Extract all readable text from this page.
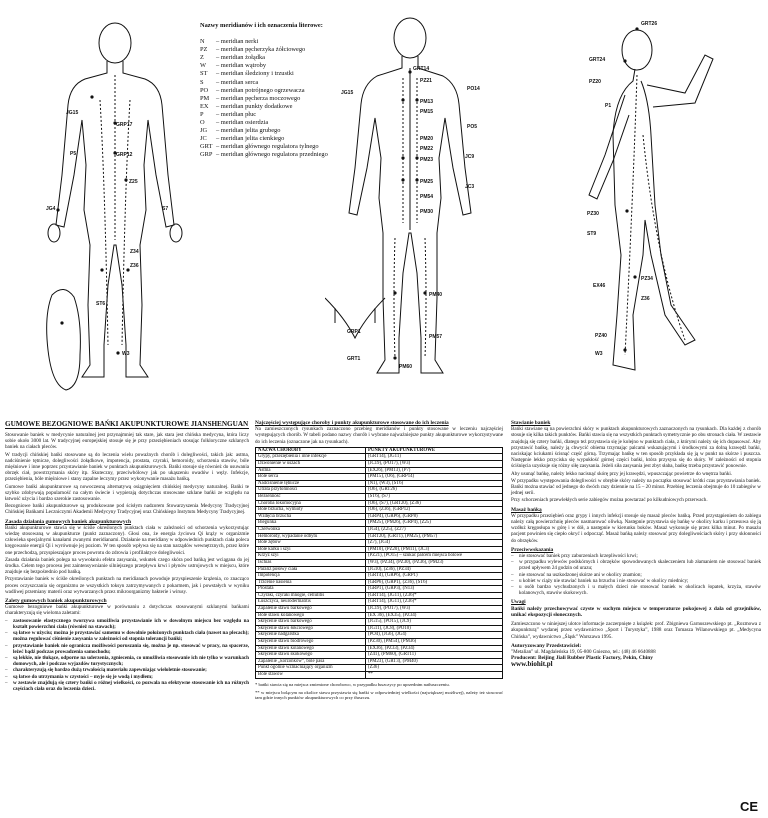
JG15
GRP17
GRP12
Z25
P5
S7
JG4
Z36
ST6
W3
Z34
Nazwy meridianów i ich oznaczenia literowe:
N	– meridian nerki
PZ	– meridian pęcherzyka żółciowego
Z	– meridian żołądka
W	– meridian wątroby
ST	– meridian śledziony i trzustki
S	– meridian serca
PO	– meridian potrójnego ogrzewacza
PM	– meridian pęcherza moczowego
EX	– meridian punkty dodatkowe
P	– meridian płuc
O	– meridian osierdzia
JG	– meridian jelita grubego
JC	– meridian jelita cienkiego
GRT – meridian głównego regulatora tylnego
GRP – meridian głównego regulatora przedniego
GRT14
JG15
PZ21
PM13
PM23
PM25
PM30
PM40
PM57
PM60
PO5
JC3
PM54
JC9
PO14
PM15
PM20
PM22
GRP1
GRT1
GRT26
GRT24
PZ20
P1
PZ30
ST9
EX46
PZ34
Z36
W3
PZ40
GUMOWE BEZOGNIOWE BAŃKI AKUPUNKTUROWE JIANSHENGUAN

Stosowanie baniek w medycynie naturalnej jest przynajmniej tak stare, jak stara jest chińska medycyna, która liczy sobie około 3000 lat. W tradycyjnej europejskiej stosuje się je przy przeziębieniach stosując folkloryczne szklanych baniek na ciałach pleców.

W tradycji chińskiej bańki stosowane są do leczenia wielu poważnych chorób i dolegliwości, takich jak: astma, nadciśnienie tętnicze, dolegliwości żołądkowe, impotencja, prostata, czyraki, hemoroidy, schorzenia stawów, bóle mięśniowe i inne poprzez przystawianie baniek w punktach akupunkturowych. Bańki stosuje się również do usuwania obrzęk ciał, powstrzymania skóry itp. Skuteczny, przeciwbólowy jak po ukąszeniu owadów i węży. Infekcje, przeziębienia, bóle mięśniowe i stany zapalne leczymy przez wykonywanie masażu bańką.

Gumowe bańki akupunkturowe są nowoczesną alternatywą osiągnięciem chińskiej medycyny naturalnej. Bańki te szybko zdobywają popularność na całym świecie i wypierają dotychczas stosowane szklane bańki ze względu na łatwość użycia i bardzo szerokie zastosowanie.

Bezogniowe bańki akupunkturowe są produkowane pod ścisłym nadzorem Stowarzyszenia Medycyny Tradycyjnej Chińskiej Bańkami Leczniczymi Akademii Medycyny Tradycyjnej oraz Chińskiego Instytutu Medycyny Tradycyjnej.

Zasada działania gumowych baniek akupunkturowych

Bańki akupunkturowe stawia się w ściśle określonych punktach ciała w zależności od schorzenia wykorzystując wiedzę stosowaną w akupunkturze (punkt zaznaczony). Głosi ona, że energia życiowa Qi krąży w organizmie człowieka specjalnymi kanałami zwanymi meridianami. Działanie na meridiany w odpowiednich punktach ciała poleca kręgowanie energii Qi i wyrównuje jej poziom. W ten sposób wpływa się na stan narządów wewnętrznych, przez które one przechodzą, przyspieszające proces powrotu do zdrowia i profilaktyce dolegliwości.

Zasada działania baniek polega na wywołaniu efektu zasysania, wskutek czego skóra pod bańką jest wciągana do jej środka. Celem tego procesu jest zaintensywnianie silniejszego przepływu krwi i płynów ustrojowych w miejscu, które znajduje się bezpośrednio pod bańką.

Przystawianie baniek w ściśle określonych punktach na meridianach powoduje przyspieszenie krążenia, co znacząco proces oczyszczania się organizmu ze wszystkich toksyn zatrzymywanych z pokarmem, jak i powstałych w wyniku wadliwej przemiany materii oraz wytwarzanych przez mikroorganizmy bakterie i wirusy.

Zalety gumowych baniek akupunkturowych

Gumowe bezogniowe bańki akupunkturowe w porównaniu z dotychczas stosowanymi szklanymi bańkami charakteryzują się wieloma zaletami:

–	zastosowanie elastycznego tworzywa umożliwia przystawianie ich w dowolnym miejscu bez względu na kształt powierzchni ciała (również na stawach);
–	są łatwe w użyciu; można je przystawiać samemu w dowolnie położonych punktach ciała (nawet na plecach); można regulować ciśnienie zasysania w zależności od stopnia tolerancji bańki;
–	przystawianie baniek nie ogranicza możliwości poruszania się, można je np. stosować w pracy, na spacerze, leżeć bądź podczas prowadzenia samochodu;
–	są lekkie, nie tłukące, odporne na uderzenia, zgniecenia, co umożliwia stosowanie ich nie tylko w warunkach domowych, ale i podczas wyjazdów turystycznych;
–	charakteryzują się bardzo dużą trwałością materiału zapewniając wieloletnie stosowanie;
–	są łatwe do utrzymania w czystości – myje się je wodą i mydłem;
–	w zestawie znajdują się cztery bańki o różnej wielkości, co pozwala na efektywne stosowanie ich na różnych częściach ciała oraz do leczenia dzieci.
Najczęściej występujące choroby i punkty akupunkturowe stosowane do ich leczenia

Na zamieszczonych rysunkach zaznaczono przebieg meridianów i punkty stosowane w leczeniu najczęściej występujących chorób. W tabeli podano nazwy chorób i wybrane najważniejsze punkty akupunkturowe wykorzystywane do ich leczenia (oznaczone jak na rysunkach).

NAZWA CHOROBY	PUNKTY AKUPUNKTUROWE
Grypy, przeziębienia i inne infekcje	(GRT14), (JG11)
Dzwonienie w uszach	(JC19), (PO17), (W3)
Astma	(EX26), (PM13), (P7)
Bóle serca	(PM15), (O6), (GRP14)
Nadciśnienie tętnicze	(N1), (W3), (ST6)
Utrata przytomności	(O6), (GRT26)
Bezsenność	(ST6), (S7)
Choroba lokomocyjna	(O6), (S7), (GRT20), (Z36)
Bóle brzucha, wymioty	(O6), (Z36), (GRP12)
Wzdęcia brzucha	(GRP4), (GRP6), (GRP8)
Biegunka	(PM25), (PM26), (GRP4), (Z25)
Czerwonka	(JG4), (Z25), (Z27)
Hemoroidy, wypadanie odbytu	(GRT20), (GRT1), (PM25), (PM57)
Bóle zębów	(Z7), (JG4)
Bóle karku i szyi	(PM10), (PZ20), (PM11), (JC3)
Krzyż szyi	(PZ21), (PO15) – szukać palcem miejsca bólowe
Ischias	(W3), (PZ34), (PZ30), (PZ36), (PM23)
Paraliż połowy ciała	(JG10), (Z36), (PZ34)
Impotencja	(GRT4), (GRP6), (GRP1)
Trzcenie nasienia	(GRP6), (GRP1), (Z36), (ST6)
Prostata	(GRP1), (GRP3), (N13)
Czyraki, czyraki mnogie, cellulitis	(GRT14), (JG11), (Z36)*
Łuszczyca, neurodermatitis	(GRT14), (JG11), (Z36)*
Zapalenie stawu barkowego	(JC19), (PO17), (W3)
Bóle stawu kolanowego	(EX 36), (EX35), (PZ34)
Skręcenie stawu barkowego	(JG15), (PO15), (JC9)
Skręcenie stawu łokciowego	(JG11), (JC8), (PO10)
Skręcenie nadgarstka	(PO4), (JG6), (JG4)
Skręcenie stawu biodrowego	(PZ30), (PM54), (PM36)
Skręcenie stawu kolanowego	(EX36), (PZ33), (PZ34)
Skręcenie stawu skokowego	(Z41), (PM60), (GRT11)
Zapalenie „korzonków”, bóle pasa	(PM23), (GRT3), (PM40)
Punkt ogólnie wzmacniający organizm	(Z36)
Bóle stawów	**

* bańki stawia się na miejsca zmienione chorobowo, w przypadku łuszczycy po uprzednim natłuszczeniu.

** w miejscu bolącym na okolice stawu przystawia się bańki w odpowiedniej wielkości (największej możliwej), należy też stosować tam gdzie innych punktów akupunkturowych co przy tłuszczu.

Stawianie baniek

Bańki stawiane są na powierzchni skóry w punktach akupunkturowych zaznaczonych na rysunkach. Dla każdej z chorób stosuje się kilka takich punktów. Bańki stawia się na wszystkich punktach symetrycznie po obu stronach ciała. W zestawie znajdują się cztery bańki, dlatego też przystawia się je kolejno w punktach ciała, z którymi należy się ich dopasować. Aby przystawić bańkę, należy ją chwycić obiema trzymając palcami wskazującymi i środkowymi za dolną krawędź bańki, naciskając kciukami ścisnąć część górną. Trzymając bańkę w ten sposób przykłada się ją w punkt na skórze i puszcza. Następnie lekko przyciska się wypukłość górnej części bańki, która przysysa się do skóry. W zależności od stopnia ściśnięcia uzyskuje się różny siłę zasysania. Jeżeli siła zasysania jest zbyt słaba, bańkę trzeba przystawić ponownie.

Aby usunąć bańkę, należy lekko nacisnąć skórę przy jej krawędzi, wpuszczając powietrze do wnętrza bańki.

W przypadku występowania dolegliwości w obrębie skóry należy na początku stosować krótki czas przystawiania baniek. Bańki można stawiać od jednego do dwóch razy dziennie na 15 – 20 minut. Przebieg leczenia obejmuje do 10 zabiegów w jednej serii.

Przy schorzeniach przewlekłych serie zabiegów można powtarzać po kilkudniowych przerwach.

Masaż bańką

W przypadku przeziębień oraz grypy i innych infekcji stosuje się masaż pleców bańką. Przed przystąpieniem do zabiegu należy całą powierzchnię pleców nasmarować oliwką. Następnie przystawia się bańkę w okolicy karku i przesuwa się ją wzdłuż kręgosłupa w górę i w dół, a następnie w kierunku boków. Masaż wykonuje się przez kilka minut. Po masażu pacjent powinien się ciepło okryć i odpocząć. Masaż bańką należy stosować przy dolegliwościach skóry i przy skłonności do obrzęków.

Przeciwwskazania
–	nie stosować baniek przy zaburzeniach krzepliwości krwi;
–	w przypadku wylewów podskórnych i obrzęków spowodowanych skaleczeniem lub złamaniem nie stosować baniek przed upływem 24 godzin od urazu;
–	nie stosować na uszkodzonej skórze ani w okolicy znamion;
–	u kobiet w ciąży nie stawiać baniek na brzuchu i nie stosować w okolicy miednicy;
–	u osób bardzo wychudzonych i u małych dzieci nie stosować baniek w okolicach łopatek, krzyża, stawów kolanowych, stawów skokowych.
Uwagi

Bańki należy przechowywać czyste w suchym miejscu w temperaturze pokojowej z dala od grzejników, unikać ekspozycji słonecznych.

Zamieszczono w niniejszej ulotce informacje zaczerpnięte z książek: prof. Zbigniewa Garnuszewskiego pt. „Rozmowa z akupunkturą” wydanej przez wydawnictwo „Sport i Turystyka”, 1988 oraz Tomasza Wilanowskiego pt. „Medycyna Chińska”, wydawnictwo „Śląsk” Warszawa 1995.

Autoryzowany Przedstawiciel:
"Metalian" ul. Magdaleńska 19, 05-800 Gniezno, tel.: (48) 46 6640888
Producent: Beijing Jiali Rubber Plastic Factory, Pekin, Chiny
www.biohit.pl
CE
